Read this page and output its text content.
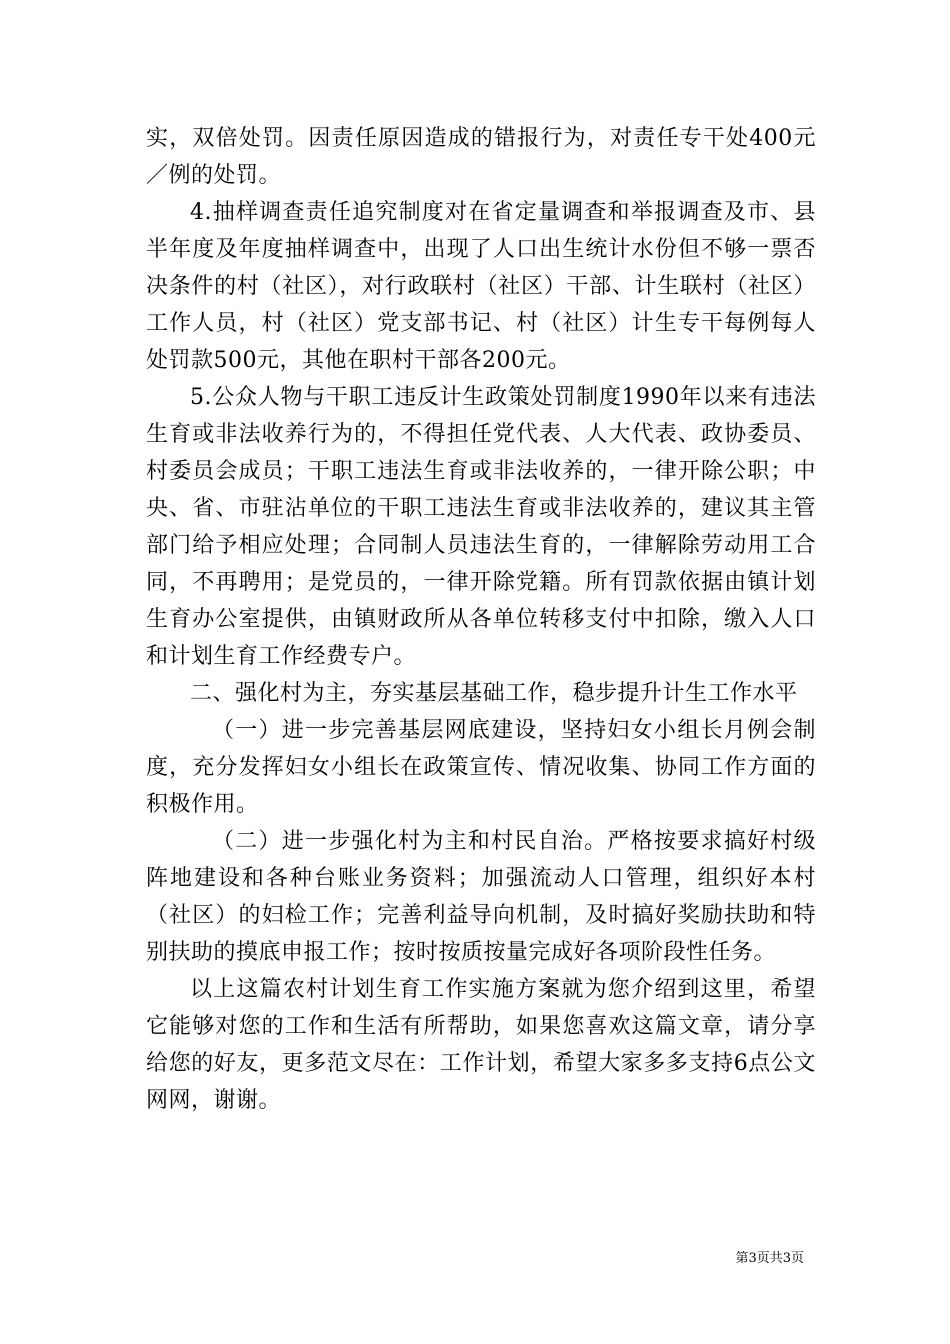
实，双倍处罚。因责任原因造成的错报行为，对责任专干处400元／例的处罚。

4.抽样调查责任追究制度对在省定量调查和举报调查及市、县半年度及年度抽样调查中，出现了人口出生统计水份但不够一票否决条件的村（社区），对行政联村（社区）干部、计生联村（社区）工作人员，村（社区）党支部书记、村（社区）计生专干每例每人处罚款500元，其他在职村干部各200元。

5.公众人物与干职工违反计生政策处罚制度1990年以来有违法生育或非法收养行为的，不得担任党代表、人大代表、政协委员、村委员会成员；干职工违法生育或非法收养的，一律开除公职；中央、省、市驻沾单位的干职工违法生育或非法收养的，建议其主管部门给予相应处理；合同制人员违法生育的，一律解除劳动用工合同，不再聘用；是党员的，一律开除党籍。所有罚款依据由镇计划生育办公室提供，由镇财政所从各单位转移支付中扣除，缴入人口和计划生育工作经费专户。

二、强化村为主，夯实基层基础工作，稳步提升计生工作水平

（一）进一步完善基层网底建设，坚持妇女小组长月例会制度，充分发挥妇女小组长在政策宣传、情况收集、协同工作方面的积极作用。

（二）进一步强化村为主和村民自治。严格按要求搞好村级阵地建设和各种台账业务资料；加强流动人口管理，组织好本村（社区）的妇检工作；完善利益导向机制，及时搞好奖励扶助和特别扶助的摸底申报工作；按时按质按量完成好各项阶段性任务。

以上这篇农村计划生育工作实施方案就为您介绍到这里，希望它能够对您的工作和生活有所帮助，如果您喜欢这篇文章，请分享给您的好友，更多范文尽在：工作计划，希望大家多多支持6点公文网网，谢谢。

第3页共3页
